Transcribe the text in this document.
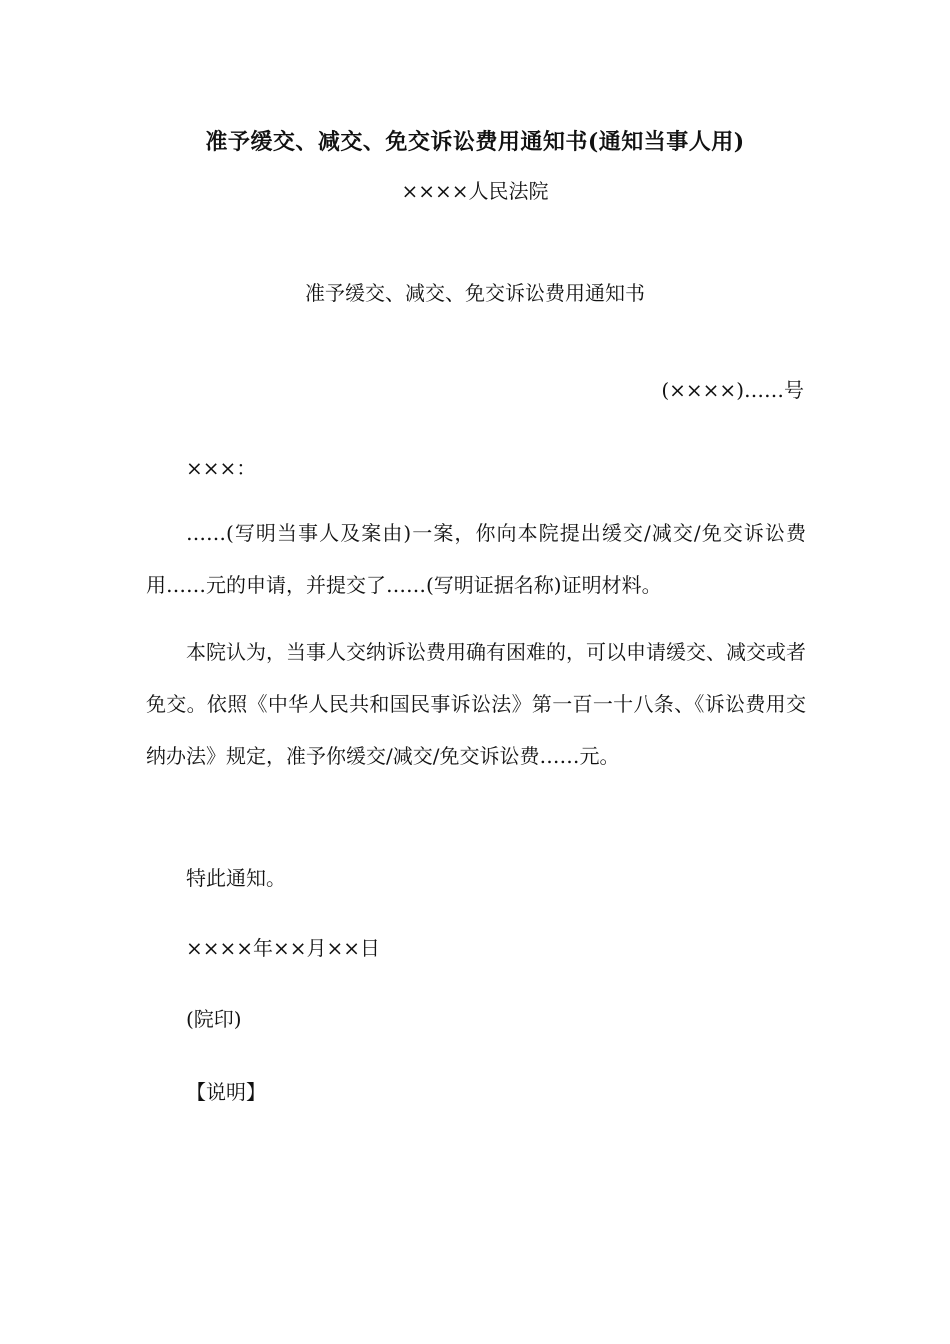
准予缓交、减交、免交诉讼费用通知书(通知当事人用)
××××人民法院
准予缓交、减交、免交诉讼费用通知书
(××××)……号
×××：
……(写明当事人及案由)一案，你向本院提出缓交/减交/免交诉讼费用……元的申请，并提交了……(写明证据名称)证明材料。
本院认为，当事人交纳诉讼费用确有困难的，可以申请缓交、减交或者免交。依照《中华人民共和国民事诉讼法》第一百一十八条、《诉讼费用交纳办法》规定，准予你缓交/减交/免交诉讼费……元。
特此通知。
××××年××月××日
(院印)
【说明】
